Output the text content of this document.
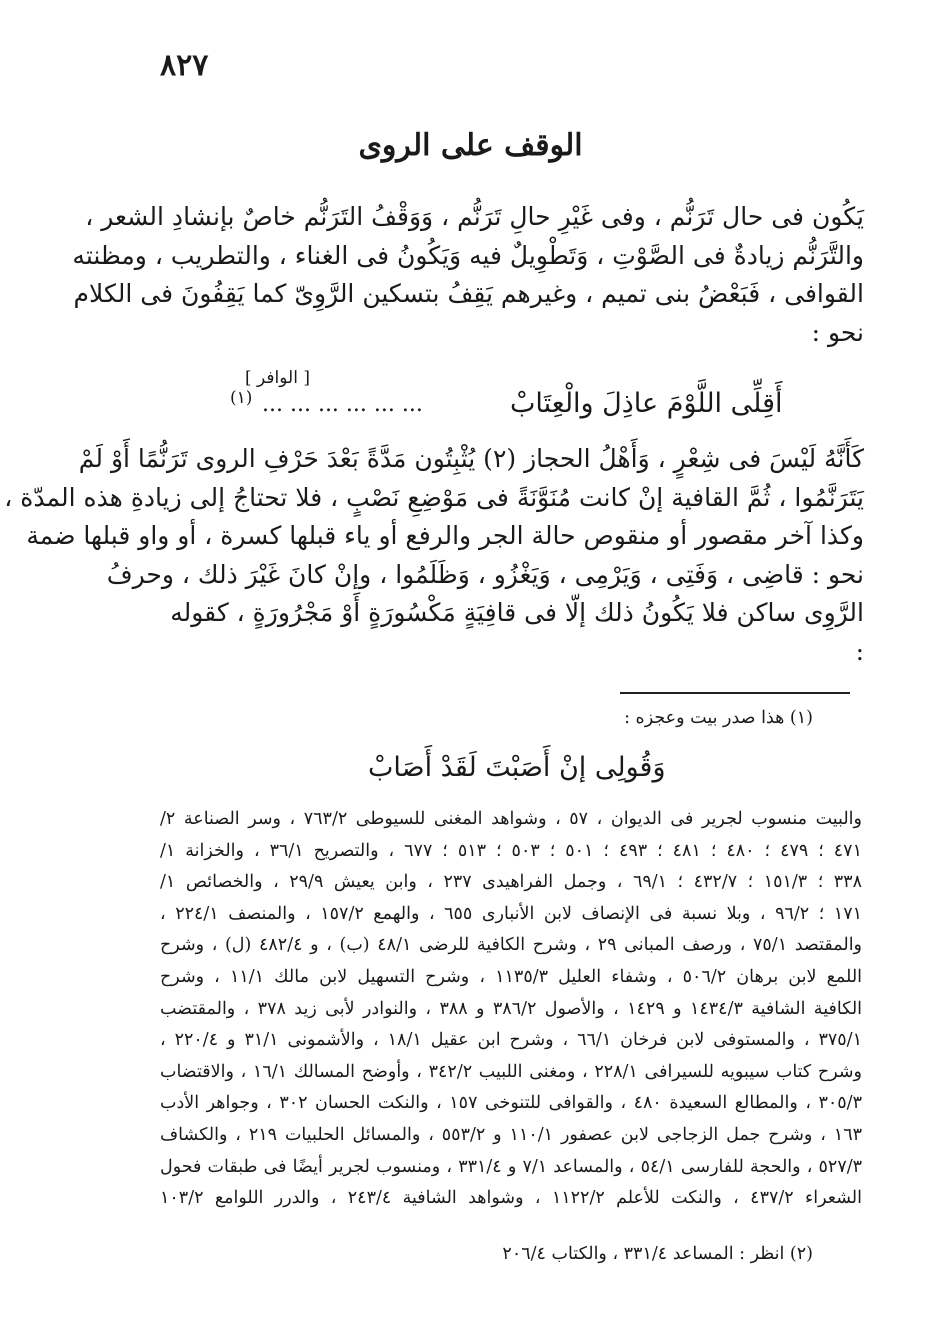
٨٢٧
الوقف على الروى
يَكُون فى حال تَرَنُّم ، وفى غَيْرِ حالِ تَرَنُّم ، وَوَقْفُ التَرَنُّم خاصٌ بإنشادِ الشعر ،
والتَّرَنُّم زيادةٌ فى الصَّوْتِ ، وَتَطْوِيلٌ فيه وَيَكُونُ فى الغناء ، والتطريب ، ومظنته
القوافى ، فَبَعْضُ بنى تميم ، وغيرهم يَقِفُ بتسكين الرَّوِىّ كما يَقِفُونَ فى الكلام
نحو :
[ الوافر ]
أَقِلِّى اللَّوْمَ عاذِلَ والْعِتَابْ
... ... ... ... ... ...
(١)
كَأَنَّهُ لَيْسَ فى شِعْرٍ ، وَأَهْلُ الحجاز (٢) يُثْبِتُون مَدَّةً بَعْدَ حَرْفِ الروى تَرَنُّمًا أَوْ لَمْ
يَتَرَنَّمُوا ، ثُمَّ القافية إنْ كانت مُنَوَّنَةً فى مَوْضِعِ نَصْبٍ ، فلا تحتاجُ إلى زيادةِ هذه المدّة ،
وكذا آخر مقصور أو منقوص حالة الجر والرفع أو ياء قبلها كسرة ، أو واو قبلها ضمة
نحو : قاضِى ، وَفَتِى ، وَيَرْمِى ، وَيَغْزُو ، وَظَلَمُوا ، وإنْ كانَ غَيْرَ ذلك ، وحرفُ
الرَّوِى ساكن فلا يَكُونُ ذلك إلّا فى قافِيَةٍ مَكْسُورَةٍ أَوْ مَجْرُورَةٍ ، كقوله :
(١) هذا صدر بيت وعجزه :
وَقُولِى إنْ أَصَبْتَ لَقَدْ أَصَابْ
والبيت منسوب لجرير فى الديوان ، ٥٧ ، وشواهد المغنى للسيوطى ٧٦٣/٢ ، وسر الصناعة ٢/
٤٧١ ؛ ٤٧٩ ؛ ٤٨٠ ؛ ٤٨١ ؛ ٤٩٣ ؛ ٥٠١ ؛ ٥٠٣ ؛ ٥١٣ ؛ ٦٧٧ ، والتصريح ٣٦/١ ، والخزانة ١/
٣٣٨ ؛ ١٥١/٣ ؛ ٤٣٢/٧ ؛ ٦٩/١ ، وجمل الفراهيدى ٢٣٧ ، وابن يعيش ٢٩/٩ ، والخصائص ١/
١٧١ ؛ ٩٦/٢ ، وبلا نسبة فى الإنصاف لابن الأنبارى ٦٥٥ ، والهمع ١٥٧/٢ ، والمنصف ٢٢٤/١ ،
والمقتصد ٧٥/١ ، ورصف المبانى ٢٩ ، وشرح الكافية للرضى ٤٨/١ (ب) ، و ٤٨٢/٤ (ل) ، وشرح
اللمع لابن برهان ٥٠٦/٢ ، وشفاء العليل ١١٣٥/٣ ، وشرح التسهيل لابن مالك ١١/١ ، وشرح
الكافية الشافية ١٤٣٤/٣ و ١٤٢٩ ، والأصول ٣٨٦/٢ و ٣٨٨ ، والنوادر لأبى زيد ٣٧٨ ، والمقتضب
٣٧٥/١ ، والمستوفى لابن فرخان ٦٦/١ ، وشرح ابن عقيل ١٨/١ ، والأشمونى ٣١/١ و ٢٢٠/٤ ،
وشرح كتاب سيبويه للسيرافى ٢٢٨/١ ، ومغنى اللبيب ٣٤٢/٢ ، وأوضح المسالك ١٦/١ ، والاقتضاب
٣٠٥/٣ ، والمطالع السعيدة ٤٨٠ ، والقوافى للتنوخى ١٥٧ ، والنكت الحسان ٣٠٢ ، وجواهر الأدب
١٦٣ ، وشرح جمل الزجاجى لابن عصفور ١١٠/١ و ٥٥٣/٢ ، والمسائل الحلبيات ٢١٩ ، والكشاف
٥٢٧/٣ ، والحجة للفارسى ٥٤/١ ، والمساعد ٧/١ و ٣٣١/٤ ، ومنسوب لجرير أيضًا فى طبقات فحول
الشعراء ٤٣٧/٢ ، والنكت للأعلم ١١٢٢/٢ ، وشواهد الشافية ٢٤٣/٤ ، والدرر اللوامع ١٠٣/٢
(٢) انظر : المساعد ٣٣١/٤ ، والكتاب ٢٠٦/٤
